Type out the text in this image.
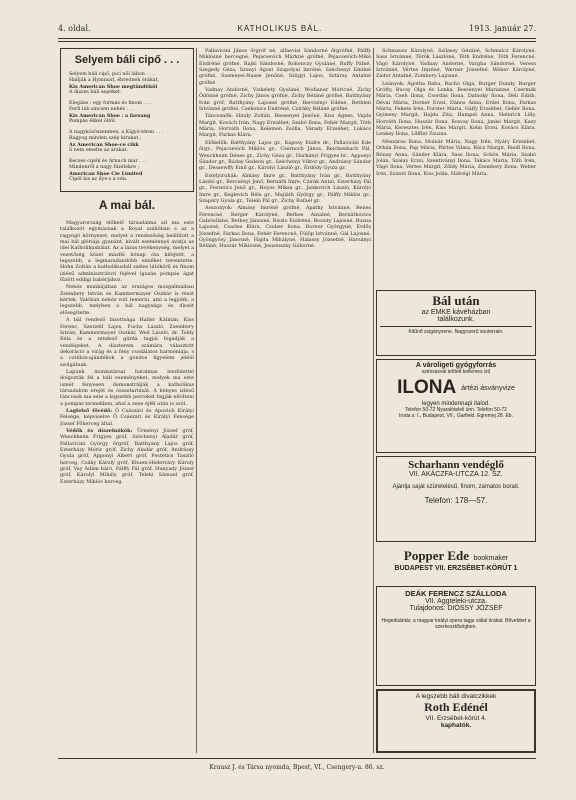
4. oldal.	KATHOLIKUS BÁL.	1913. január 27.
Selyem báli cipő . . .
Selyem báli cipő, pici női lábon . . .
Hallják a Hymnust, ébrednek órákat,
Kis American Shoe megtündököl
A diszes báli sepéket.
Elegáns : egy formás és finom . . .
Ferfi láb sincsen nehéz . . .
Kis American Shoe : a farsang
Pompás ékkel öltöl.
A nagyközöszemben, a Kígyó-téren . . .
Ragyog minden szép kirakat ;
Az American Shoe-ce cikk
S nem emelte az árakat.
Kecses cipők és Arnuch mar . . .
Mindenről a nagy füzélekre ;
American Shoe Cie Limited
Cipöl kis az ilye-s a vén.
A mai bál.

Magyarország előkelő társadalma ad ma este találkozót egymásnak a Royal szállóban s az a ragyogó környezet, melyet a rendezőség beállított a mai bál glóriája gyanánt, kivált eseménnyé avatja az idei Katholikusbálat. Az a lázas tevékenység, melyet a vezetőség közel másfél hónap óta kifejtett, a legszebb, a legmaradandóbb emléket teremtette. Hohn Zoltán a katholikusbál széles látókörű és finom ízlésű adminisztrátori fejével igazán pompás ágat fűzött eddigi babérjához.

Nehéz munkájában az országos mozgalmaiban Zsembery István és Kammermayer Oszkár is részt kértek. Valóban nehéz volt lemérni, ami a legjobb, a legszebb, melyben a bál nagysága és díszét elősegítette.

A bál rendező bizottsága Haller Kálmán, Kiss Ferenc, Szerzéll Lajos, Fuchs László, Zsembery István, Kammermayer Oszkár, Weil László, dr. Toldy Béla és a rendező gárda tagjai fogadják a vendégeket. A díszterem számára választott dekoráció a virág és a fény csodálatos harmóniája, s a cotillon-ajándékok a gondos figyelem jeléül szolgálnak.

Lapunk munkatársai hatalmas lendülettel dolgozták fel a báli eseményeket, melyek ma este ismét fényesen demonstrálják a katholikus társadalom erejét és összetartását. A kényes ízlésű táncosok ma este a legszebb perceket fogják eltölteni a pompás termekben, ahol a zene éjfél után is szól.

Lagfelső fővédő: Ő Császári és Apostoli Királyi Felsége, képviselve Ő Császári és Királyi Fensége József Főherceg által.

Védők és díszelnökök: Ürményi József gróf, Wenckheim Frigyes gróf, Széchenyi Aladár gróf, Pallavicini György őrgróf, Batthyány Lajos gróf, Esterházy Móric gróf, Zichy Aladár gróf, Andrássy Gyula gróf, Apponyi Albert gróf, Festetics Tasziló herceg, Csáky Károly gróf, Khuen-Héderváry Károly gróf, Vay Ádám báró, Pálffy Pál gróf, Hunyady József gróf, Károlyi Mihály gróf, Teleki Sámuel gróf, Esterházy Miklós herceg.

Pallavicini János őrgróf né, alfaevisi Sándorné őrgrófné, Pálffy Miklósné hercegné, Pejacsevich Márkné grófné, Pejacsevich-Mikó Endréné grófné, Rajki Sándorné, Rohonczy Gyuláné, Ruffy Pálné, Szegedy Géza, Szunyi Ágost Szapolyai Imréné, Széchenyi Emilné grófné, Szemeyei-Nasse Jenőné, Szügyi Lajos, Sztáray Antalné grófné.

Vadnay Andorné, Vizkelety Gyuláné, Wodianer Móricné, Zichy Ödönné grófné, Zichy János grófné, Zichy Béláné grófné, Batthyány Iván gróf, Batthyány Lajosné grófné, Bercsényi Edéné, Bethlen Istvánné grófné, Csekonics Endréné, Cziráky Béláné grófné.

Táncosnők: Hindy Zoltán, Bessenyei Jenőné, Kiss Ágnes, Vajda Margit, Kovách Irén, Nagy Erzsébet, Szabó Ilona, Fehér Margit, Tóth Mária, Horváth Ilona, Kelemen Zsófia, Várady Erzsébet, Lukács Margit, Farkas Klára.

Előkelők: Batthyány Lajos gr., Kaposy Endre dr., Pallavicini Ede őrgr., Pejacsevich Miklós gr., Csernoch János, Reichenbach Pál, Wenckheim Dénes gr., Zichy Géza gr., Harkányi Frigyes br., Apponyi Sándor gr., Ráday Gedeon gr., Széchenyi Viktor gr., Andrássy Sándor gr., Dessewffy Emil gr., Károlyi László gr., Erdődy Gyula gr.

Estélyiruhák: Almásy Imre gr., Batthyány Iván gr., Batthyány László gr., Bercsényi Jenő, Bernáth Imre, Czirák Antal, Esterházy Pál gr., Festetics Jenő gr., Hoyos Miksa gr., Jankovich László, Károlyi Imre gr., Keglevich Béla gr., Majláth György gr., Pálffy Miklós gr., Szapáry Gyula gr., Teleki Pál gr., Zichy Rafael gr.

Asszonyok: Almásy Imréné grófné, Apáthy Istvánné, Benes Ferencné, Berger Károlyné, Berkes Antalné, Bernáthovics Gabrielláné, Bethey Jánosné, Biszlo Endréné, Bozsity Lajosné, Buzna Lajosné, Csarles Klára, Czuber Ilona, Dorner Györgyné, Erdős Józsefné, Farkas Ilona, Fehér Ferencné, Fülöp Istvánné, Gál Lajosné, Gyöngyösy Jánosné, Hajdu Mihályné, Halassy Józsefné, Harsányi Béláné, Huszár Miklósné, Jeszenszky Gáborné.

Schmausz Károlyné, Szilassy Gézáné, Schmalcz Károlyné, Sass Istvánné, Török Lászlóné, Tóth Endréné, Tóth Ferencné, Vágó Károlyné, Vadnay Andorné, Vargha Sándorné, Veress Istvánné, Vértes Imréné, Werner Józsefné, Wéber Károlyné, Zádor Antalné, Zombory Lajosné.

Leányok: Ágotha Baba, Bachó Olga, Burger Dundy, Burger Grófty, Bucsy Olga és Lonka, Bessenyei Marianne, Csermák Mária, Cseh Ilona, Csordás Ilona, Dalnoky Ilona, Déli Edith, Dévai Mária, Dorner Erzsi, Dános Anna, Erdei Ilona, Farkas Márta, Fekete Irén, Forster Mária, Gálfy Erzsébet, Gellér Ilona, Gyimesy Margit, Hajdu Zita, Hampel Anna, Heinrich Lilly, Horváth Ilona, Huszár Ilona, Ilosvay Ilona, Jankó Margit, Kazy Mária, Keresztes Irén, Kiss Margit, Kohn Erzsi, Kovács Klára, Lenkey Ilona, Lőffler Zsuzsa.

Mészáros Ilona, Molnár Mária, Nagy Irén, Nyáry Erzsébet, Orbán Ilona, Pap Mária, Pártos Vilma, Rácz Margit, Riedl Ilona, Rónay Anna, Sándor Klára, Sass Ilona, Schön Mária, Szabó Jolán, Szalay Erzsi, Szentiványi Ilona, Takács Mária, Tóth Irén, Vágó Ilona, Vértes Margit, Zöldy Mária, Zsembery Ilona, Weber Irén, Szántó Ilona, Kiss Jolán, Hídvégi Mária.

Bál után
az EMKE kávéházban
találkozunk.
Kitűnő zsigányzene. Nagyszerű souterrain.
A vároligeti gyógyforrás
szénsavval telített kellemes izű
ILONA ártézi ásványvize
legyen mindennapi italod.
Telefon 50-72 Nyaralóteleli ünn. Telefon 50-72
Iroda s: I., Budapest, VII., Garfield. Egremej 28. Eb.
Scharhann vendéglő
VII. AKÁCZFA-UTCZA 12. SZ.
Ajánlja saját szüretelésű, finom, zamatos borait.
Telefon: 178—57.
Popper Ede bookmaker
BUDAPEST VII. ERZSÉBET-KÖRÚT 1
DEÁK FERENCZ SZÁLLODA
VII. Aggteleki-utcza.
Tulajdonos: DIÓSSY JÓZSEF
Hegedüántár, a magyar királyi opera tagja vállal órákat. Bővebbet a szerkesztőségben.
A legszebb báli divatczikkek
Roth Edénél
VII. Erzsébet-körút 4.
kaphatók.
Krausz J. és Társa nyomda, Bpest, VI., Csengery-u. 86. sz.
